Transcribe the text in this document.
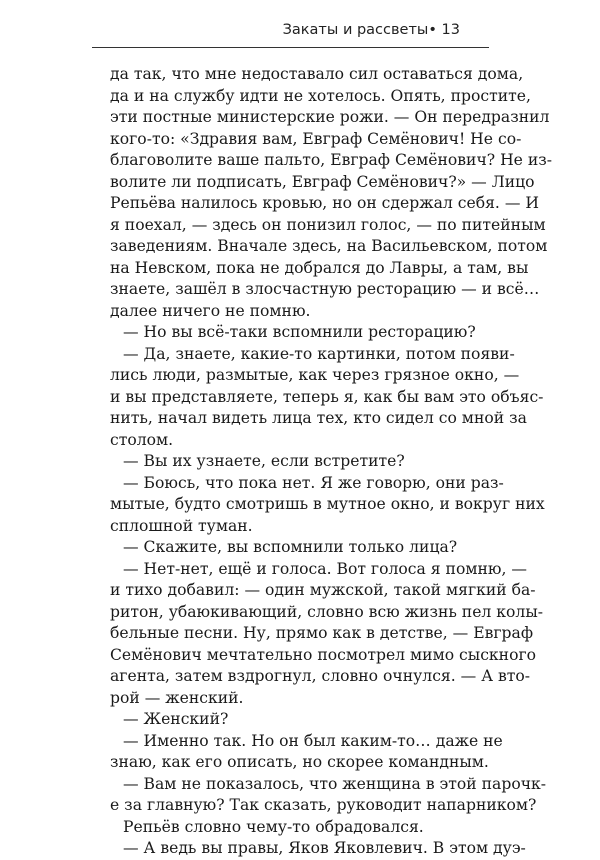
Закаты и рассветы• 13
да так, что мне недоставало сил оставаться дома,
да и на службу идти не хотелось. Опять, простите,
эти постные министерские рожи. — Он передразнил
кого-то: «Здравия вам, Евграф Семёнович! Не со-
благоволите ваше пальто, Евграф Семёнович? Не из-
волите ли подписать, Евграф Семёнович?» — Лицо
Репьёва налилось кровью, но он сдержал себя. — И
я поехал, — здесь он понизил голос, — по питейным
заведениям. Вначале здесь, на Васильевском, потом
на Невском, пока не добрался до Лавры, а там, вы
знаете, зашёл в злосчастную ресторацию — и всё…
далее ничего не помню.
— Но вы всё-таки вспомнили ресторацию?
— Да, знаете, какие-то картинки, потом появи-
лись люди, размытые, как через грязное окно, —
и вы представляете, теперь я, как бы вам это объяс-
нить, начал видеть лица тех, кто сидел со мной за
столом.
— Вы их узнаете, если встретите?
— Боюсь, что пока нет. Я же говорю, они раз-
мытые, будто смотришь в мутное окно, и вокруг них
сплошной туман.
— Скажите, вы вспомнили только лица?
— Нет-нет, ещё и голоса. Вот голоса я помню, —
и тихо добавил: — один мужской, такой мягкий ба-
ритон, убаюкивающий, словно всю жизнь пел колы-
бельные песни. Ну, прямо как в детстве, — Евграф
Семёнович мечтательно посмотрел мимо сыскного
агента, затем вздрогнул, словно очнулся. — А вто-
рой — женский.
— Женский?
— Именно так. Но он был каким-то… даже не
знаю, как его описать, но скорее командным.
— Вам не показалось, что женщина в этой парочк-
е за главную? Так сказать, руководит напарником?
Репьёв словно чему-то обрадовался.
— А ведь вы правы, Яков Яковлевич. В этом дуэ-
